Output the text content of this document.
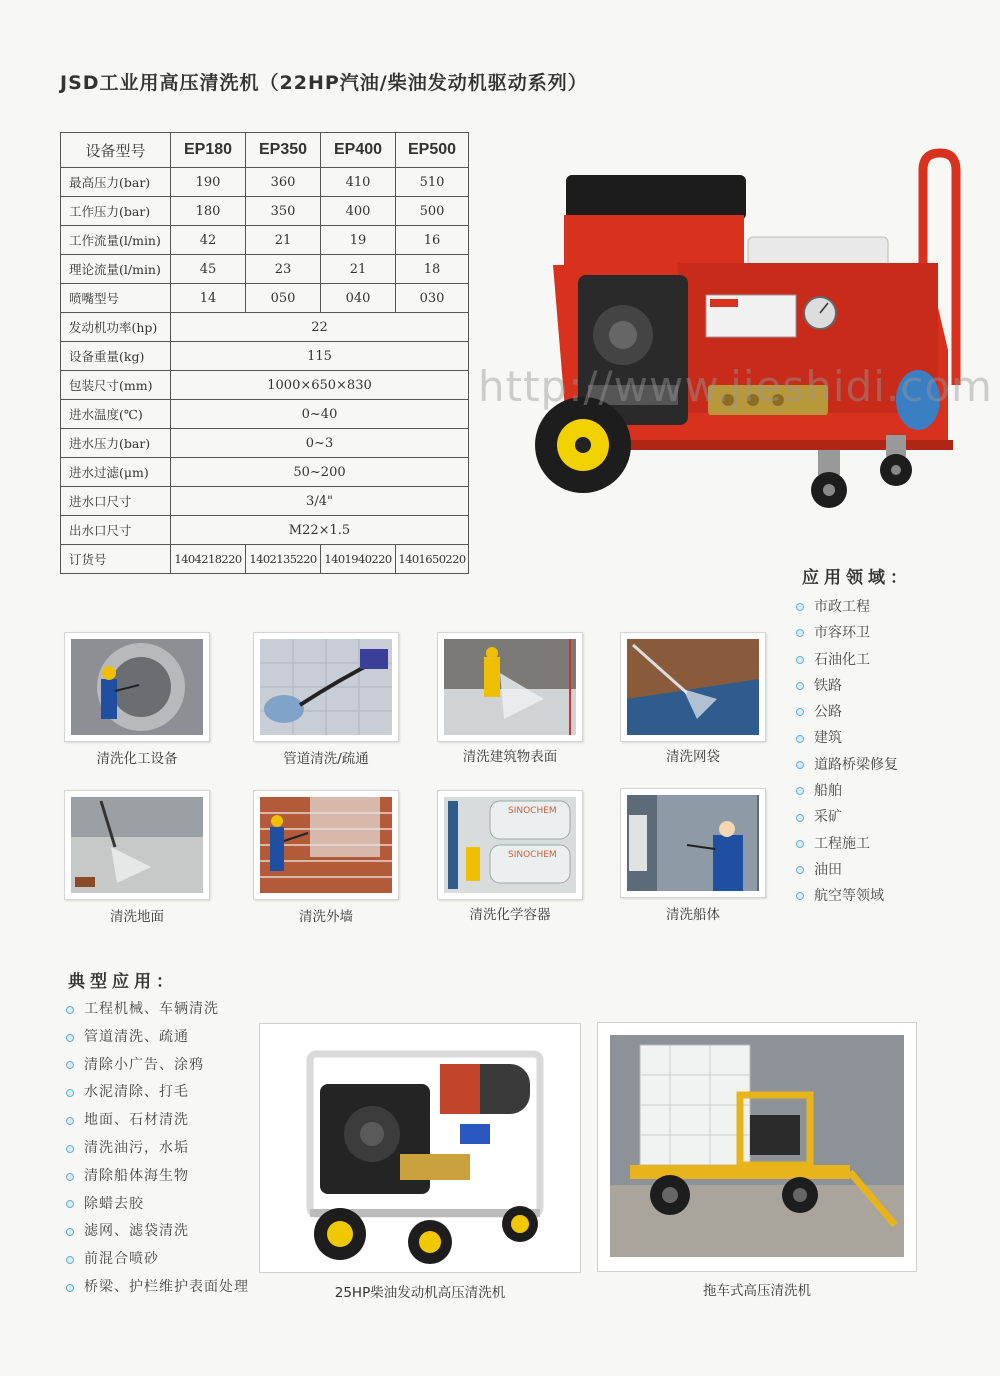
JSD工业用高压清洗机（22HP汽油/柴油发动机驱动系列）
设备型号	EP180	EP350	EP400	EP500
最高压力(bar)	190	360	410	510
工作压力(bar)	180	350	400	500
工作流量(l/min)	42	21	19	16
理论流量(l/min)	45	23	21	18
喷嘴型号	14	050	040	030
发动机功率(hp)	22			
设备重量(kg)	115			
包装尺寸(mm)	1000×650×830			
进水温度(℃)	0~40			
进水压力(bar)	0~3			
进水过滤(μm)	50~200			
进水口尺寸	3/4"			
出水口尺寸	M22×1.5			
订货号	1404218220	1402135220	1401940220	1401650220
http://www.jieshidi.com
应用领域：
市政工程
市容环卫
石油化工
铁路
公路
建筑
道路桥梁修复
船舶
采矿
工程施工
油田
航空等领域
清洗化工设备	管道清洗/疏通	清洗建筑物表面	清洗网袋
清洗地面	清洗外墙
SINOCHEM
SINOCHEM
清洗化学容器	清洗船体
典型应用：
工程机械、车辆清洗
管道清洗、疏通
清除小广告、涂鸦
水泥清除、打毛
地面、石材清洗
清洗油污，水垢
清除船体海生物
除蜡去胶
滤网、滤袋清洗
前混合喷砂
桥梁、护栏维护表面处理	25HP柴油发动机高压清洗机	拖车式高压清洗机
